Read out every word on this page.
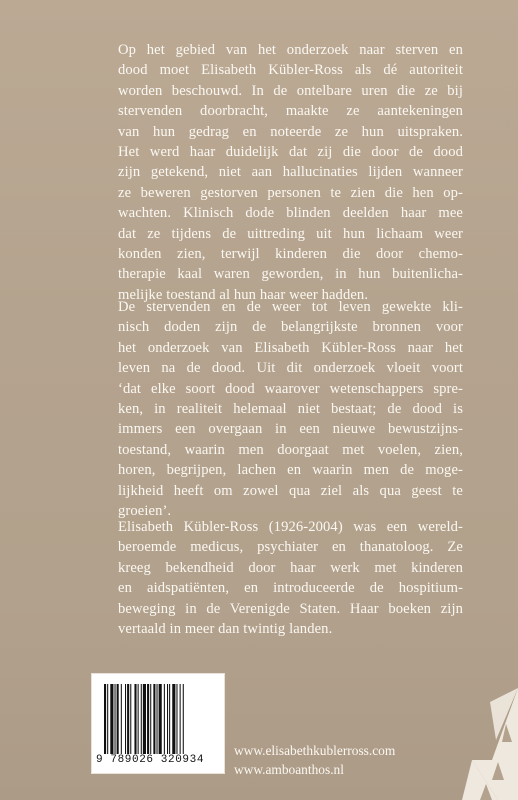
Op het gebied van het onderzoek naar sterven en
dood moet Elisabeth Kübler-Ross als dé autoriteit
worden beschouwd. In de ontelbare uren die ze bij
stervenden doorbracht, maakte ze aantekeningen
van hun gedrag en noteerde ze hun uitspraken.
Het werd haar duidelijk dat zij die door de dood
zijn getekend, niet aan hallucinaties lijden wanneer
ze beweren gestorven personen te zien die hen op-
wachten. Klinisch dode blinden deelden haar mee
dat ze tijdens de uittreding uit hun lichaam weer
konden zien, terwijl kinderen die door chemo-
therapie kaal waren geworden, in hun buitenlicha-
melijke toestand al hun haar weer hadden.
De stervenden en de weer tot leven gewekte kli-
nisch doden zijn de belangrijkste bronnen voor
het onderzoek van Elisabeth Kübler-Ross naar het
leven na de dood. Uit dit onderzoek vloeit voort
‘dat elke soort dood waarover wetenschappers spre-
ken, in realiteit helemaal niet bestaat; de dood is
immers een overgaan in een nieuwe bewustzijns-
toestand, waarin men doorgaat met voelen, zien,
horen, begrijpen, lachen en waarin men de moge-
lijkheid heeft om zowel qua ziel als qua geest te
groeien’.
Elisabeth Kübler-Ross (1926-2004) was een wereld-
beroemde medicus, psychiater en thanatoloog. Ze
kreeg bekendheid door haar werk met kinderen
en aidspatiënten, en introduceerde de hospitium-
beweging in de Verenigde Staten. Haar boeken zijn
vertaald in meer dan twintig landen.
9 789026 320934
www.elisabethkublerross.com
www.amboanthos.nl
